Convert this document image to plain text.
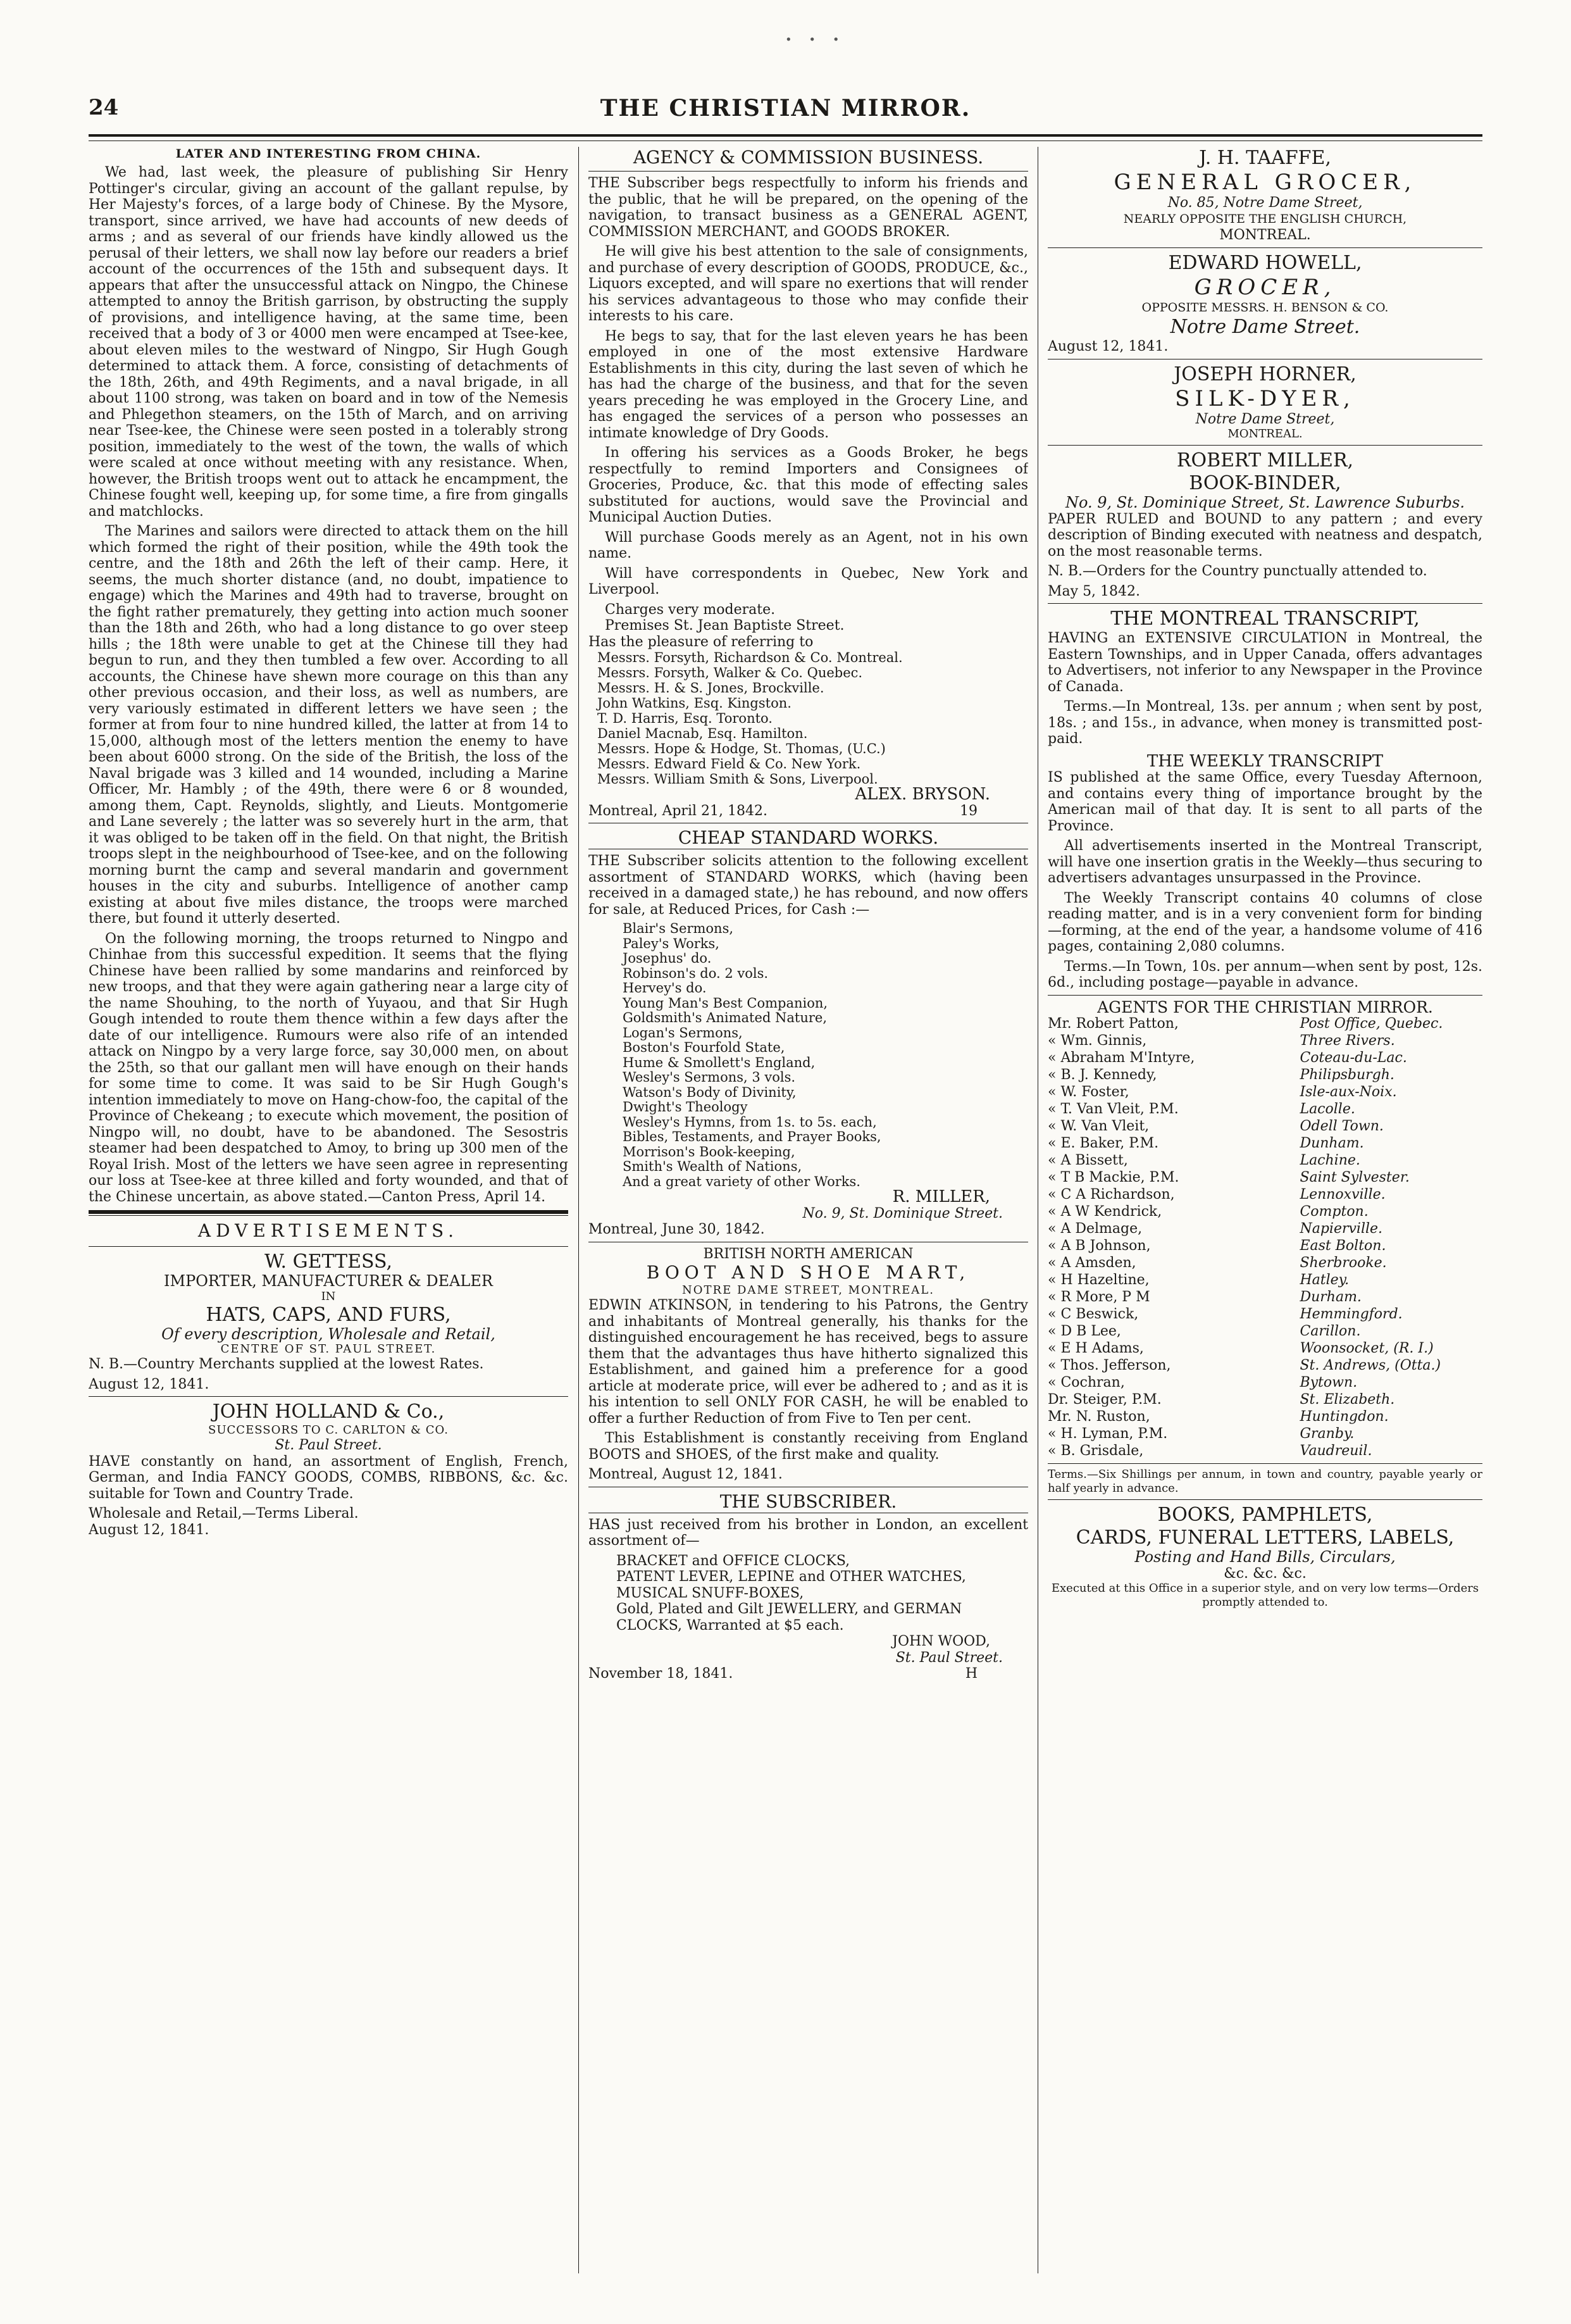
· · ·
24	THE CHRISTIAN MIRROR.
LATER AND INTERESTING FROM CHINA.

We had, last week, the pleasure of publishing Sir Henry Pottinger's circular, giving an account of the gallant repulse, by Her Majesty's forces, of a large body of Chinese. By the Mysore, transport, since arrived, we have had accounts of new deeds of arms ; and as several of our friends have kindly allowed us the perusal of their letters, we shall now lay before our readers a brief account of the occurrences of the 15th and subsequent days. It appears that after the unsuccessful attack on Ningpo, the Chinese attempted to annoy the British garrison, by obstructing the supply of provisions, and intelligence having, at the same time, been received that a body of 3 or 4000 men were encamped at Tsee-kee, about eleven miles to the westward of Ningpo, Sir Hugh Gough determined to attack them. A force, consisting of detachments of the 18th, 26th, and 49th Regiments, and a naval brigade, in all about 1100 strong, was taken on board and in tow of the Nemesis and Phlegethon steamers, on the 15th of March, and on arriving near Tsee-kee, the Chinese were seen posted in a tolerably strong position, immediately to the west of the town, the walls of which were scaled at once without meeting with any resistance. When, however, the British troops went out to attack he encampment, the Chinese fought well, keeping up, for some time, a fire from gingalls and matchlocks.

The Marines and sailors were directed to attack them on the hill which formed the right of their position, while the 49th took the centre, and the 18th and 26th the left of their camp. Here, it seems, the much shorter distance (and, no doubt, impatience to engage) which the Marines and 49th had to traverse, brought on the fight rather prematurely, they getting into action much sooner than the 18th and 26th, who had a long distance to go over steep hills ; the 18th were unable to get at the Chinese till they had begun to run, and they then tumbled a few over. According to all accounts, the Chinese have shewn more courage on this than any other previous occasion, and their loss, as well as numbers, are very variously estimated in different letters we have seen ; the former at from four to nine hundred killed, the latter at from 14 to 15,000, although most of the letters mention the enemy to have been about 6000 strong. On the side of the British, the loss of the Naval brigade was 3 killed and 14 wounded, including a Marine Officer, Mr. Hambly ; of the 49th, there were 6 or 8 wounded, among them, Capt. Reynolds, slightly, and Lieuts. Montgomerie and Lane severely ; the latter was so severely hurt in the arm, that it was obliged to be taken off in the field. On that night, the British troops slept in the neighbourhood of Tsee-kee, and on the following morning burnt the camp and several mandarin and government houses in the city and suburbs. Intelligence of another camp existing at about five miles distance, the troops were marched there, but found it utterly deserted.

On the following morning, the troops returned to Ningpo and Chinhae from this successful expedition. It seems that the flying Chinese have been rallied by some mandarins and reinforced by new troops, and that they were again gathering near a large city of the name Shouhing, to the north of Yuyaou, and that Sir Hugh Gough intended to route them thence within a few days after the date of our intelligence. Rumours were also rife of an intended attack on Ningpo by a very large force, say 30,000 men, on about the 25th, so that our gallant men will have enough on their hands for some time to come. It was said to be Sir Hugh Gough's intention immediately to move on Hang-chow-foo, the capital of the Province of Chekeang ; to execute which movement, the position of Ningpo will, no doubt, have to be abandoned. The Sesostris steamer had been despatched to Amoy, to bring up 300 men of the Royal Irish. Most of the letters we have seen agree in representing our loss at Tsee-kee at three killed and forty wounded, and that of the Chinese uncertain, as above stated.—Canton Press, April 14.

ADVERTISEMENTS.
W. GETTESS,
IMPORTER, MANUFACTURER & DEALER
IN
HATS, CAPS, AND FURS,
Of every description, Wholesale and Retail,
CENTRE OF ST. PAUL STREET.

N. B.—Country Merchants supplied at the lowest Rates.

August 12, 1841.
JOHN HOLLAND & Co.,
SUCCESSORS TO C. CARLTON & CO.
St. Paul Street.

HAVE constantly on hand, an assortment of English, French, German, and India FANCY GOODS, COMBS, RIBBONS, &c. &c. suitable for Town and Country Trade.

Wholesale and Retail,—Terms Liberal.
August 12, 1841.
AGENCY & COMMISSION BUSINESS.

THE Subscriber begs respectfully to inform his friends and the public, that he will be prepared, on the opening of the navigation, to transact business as a GENERAL AGENT, COMMISSION MERCHANT, and GOODS BROKER.

He will give his best attention to the sale of consignments, and purchase of every description of GOODS, PRODUCE, &c., Liquors excepted, and will spare no exertions that will render his services advantageous to those who may confide their interests to his care.

He begs to say, that for the last eleven years he has been employed in one of the most extensive Hardware Establishments in this city, during the last seven of which he has had the charge of the business, and that for the seven years preceding he was employed in the Grocery Line, and has engaged the services of a person who possesses an intimate knowledge of Dry Goods.

In offering his services as a Goods Broker, he begs respectfully to remind Importers and Consignees of Groceries, Produce, &c. that this mode of effecting sales substituted for auctions, would save the Provincial and Municipal Auction Duties.

Will purchase Goods merely as an Agent, not in his own name.

Will have correspondents in Quebec, New York and Liverpool.

Charges very moderate.
Premises St. Jean Baptiste Street.
Has the pleasure of referring to
Messrs. Forsyth, Richardson & Co. Montreal.
Messrs. Forsyth, Walker & Co. Quebec.
Messrs. H. & S. Jones, Brockville.
John Watkins, Esq. Kingston.
T. D. Harris, Esq. Toronto.
Daniel Macnab, Esq. Hamilton.
Messrs. Hope & Hodge, St. Thomas, (U.C.)
Messrs. Edward Field & Co. New York.
Messrs. William Smith & Sons, Liverpool.
ALEX. BRYSON.
Montreal, April 21, 1842.	19
CHEAP STANDARD WORKS.

THE Subscriber solicits attention to the following excellent assortment of STANDARD WORKS, which (having been received in a damaged state,) he has rebound, and now offers for sale, at Reduced Prices, for Cash :—

Blair's Sermons,
Paley's Works,
Josephus' do.
Robinson's do. 2 vols.
Hervey's do.
Young Man's Best Companion,
Goldsmith's Animated Nature,
Logan's Sermons,
Boston's Fourfold State,
Hume & Smollett's England,
Wesley's Sermons, 3 vols.
Watson's Body of Divinity,
Dwight's Theology
Wesley's Hymns, from 1s. to 5s. each,
Bibles, Testaments, and Prayer Books,
Morrison's Book-keeping,
Smith's Wealth of Nations,
And a great variety of other Works.
R. MILLER,
No. 9, St. Dominique Street.
Montreal, June 30, 1842.
BRITISH NORTH AMERICAN
BOOT AND SHOE MART,
NOTRE DAME STREET, MONTREAL.

EDWIN ATKINSON, in tendering to his Patrons, the Gentry and inhabitants of Montreal generally, his thanks for the distinguished encouragement he has received, begs to assure them that the advantages thus have hitherto signalized this Establishment, and gained him a preference for a good article at moderate price, will ever be adhered to ; and as it is his intention to sell ONLY FOR CASH, he will be enabled to offer a further Reduction of from Five to Ten per cent.

This Establishment is constantly receiving from England BOOTS and SHOES, of the first make and quality.

Montreal, August 12, 1841.
THE SUBSCRIBER.

HAS just received from his brother in London, an excellent assortment of—

BRACKET and OFFICE CLOCKS,
PATENT LEVER, LEPINE and OTHER WATCHES,
MUSICAL SNUFF-BOXES,
Gold, Plated and Gilt JEWELLERY, and GERMAN CLOCKS, Warranted at $5 each.
JOHN WOOD,
St. Paul Street.
November 18, 1841.	H
J. H. TAAFFE,
GENERAL GROCER,
No. 85, Notre Dame Street,
NEARLY OPPOSITE THE ENGLISH CHURCH,
MONTREAL.
EDWARD HOWELL,
GROCER,
OPPOSITE MESSRS. H. BENSON & CO.
Notre Dame Street.
August 12, 1841.
JOSEPH HORNER,
SILK-DYER,
Notre Dame Street,
MONTREAL.
ROBERT MILLER,
BOOK-BINDER,
No. 9, St. Dominique Street, St. Lawrence Suburbs.

PAPER RULED and BOUND to any pattern ; and every description of Binding executed with neatness and despatch, on the most reasonable terms.

N. B.—Orders for the Country punctually attended to.

May 5, 1842.
THE MONTREAL TRANSCRIPT,

HAVING an EXTENSIVE CIRCULATION in Montreal, the Eastern Townships, and in Upper Canada, offers advantages to Advertisers, not inferior to any Newspaper in the Province of Canada.

Terms.—In Montreal, 13s. per annum ; when sent by post, 18s. ; and 15s., in advance, when money is transmitted post-paid.

THE WEEKLY TRANSCRIPT

IS published at the same Office, every Tuesday Afternoon, and contains every thing of importance brought by the American mail of that day. It is sent to all parts of the Province.

All advertisements inserted in the Montreal Transcript, will have one insertion gratis in the Weekly—thus securing to advertisers advantages unsurpassed in the Province.

The Weekly Transcript contains 40 columns of close reading matter, and is in a very convenient form for binding—forming, at the end of the year, a handsome volume of 416 pages, containing 2,080 columns.

Terms.—In Town, 10s. per annum—when sent by post, 12s. 6d., including postage—payable in advance.

AGENTS FOR THE CHRISTIAN MIRROR.
Mr. Robert Patton,	Post Office, Quebec.
« Wm. Ginnis,	Three Rivers.
« Abraham M'Intyre,	Coteau-du-Lac.
« B. J. Kennedy,	Philipsburgh.
« W. Foster,	Isle-aux-Noix.
« T. Van Vleit, P.M.	Lacolle.
« W. Van Vleit,	Odell Town.
« E. Baker, P.M.	Dunham.
« A Bissett,	Lachine.
« T B Mackie, P.M.	Saint Sylvester.
« C A Richardson,	Lennoxville.
« A W Kendrick,	Compton.
« A Delmage,	Napierville.
« A B Johnson,	East Bolton.
« A Amsden,	Sherbrooke.
« H Hazeltine,	Hatley.
« R More, P M	Durham.
« C Beswick,	Hemmingford.
« D B Lee,	Carillon.
« E H Adams,	Woonsocket, (R. I.)
« Thos. Jefferson,	St. Andrews, (Otta.)
« Cochran,	Bytown.
Dr. Steiger, P.M.	St. Elizabeth.
Mr. N. Ruston,	Huntingdon.
« H. Lyman, P.M.	Granby.
« B. Grisdale,	Vaudreuil.

Terms.—Six Shillings per annum, in town and country, payable yearly or half yearly in advance.

BOOKS, PAMPHLETS,
CARDS, FUNERAL LETTERS, LABELS,
Posting and Hand Bills, Circulars,
&c. &c. &c.

Executed at this Office in a superior style, and on very low terms—Orders promptly attended to.
